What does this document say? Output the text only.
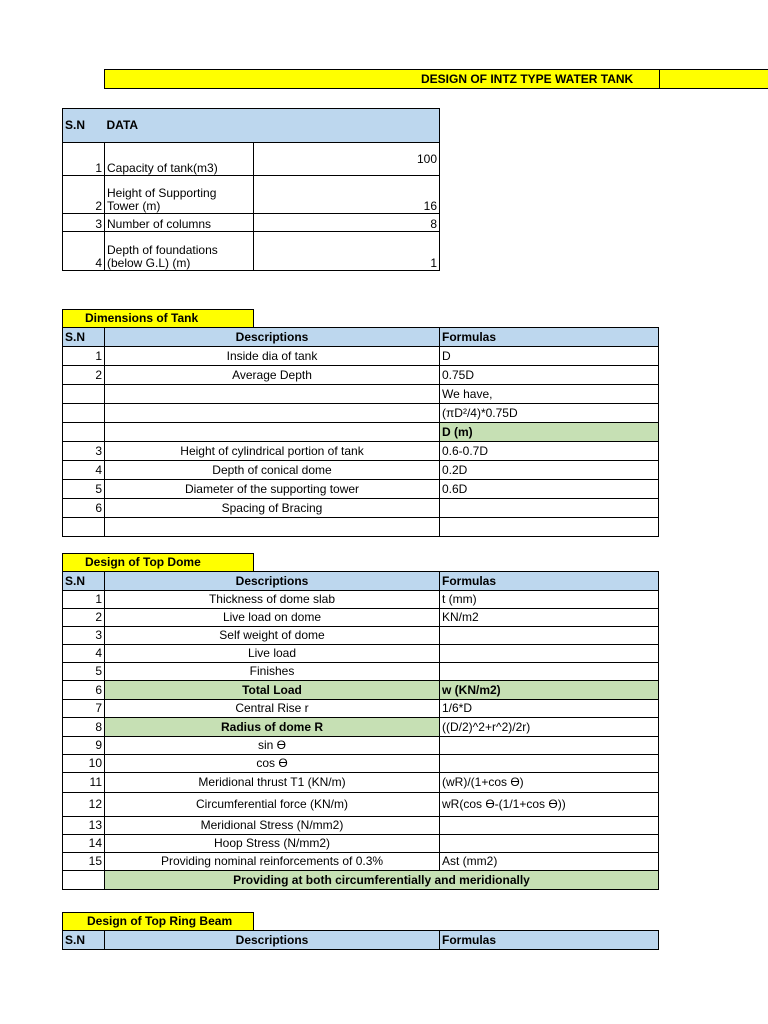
DESIGN OF INTZ TYPE WATER TANK
S.N	DATA	
1	Capacity of tank(m3)	100
2	Height of Supporting Tower (m)	16
3	Number of columns	8
4	Depth of foundations (below G.L) (m)	1
Dimensions of Tank
S.N	Descriptions	Formulas
1	Inside dia of tank	D
2	Average Depth	0.75D
		We have,
		(πD²/4)*0.75D
		D (m)
3	Height of cylindrical portion of tank	0.6-0.7D
4	Depth of conical dome	0.2D
5	Diameter of the supporting tower	0.6D
6	Spacing of Bracing	

Design of Top Dome
S.N	Descriptions	Formulas
1	Thickness of dome slab	t (mm)
2	Live load on dome	KN/m2
3	Self weight of dome	
4	Live load	
5	Finishes	
6	Total Load	w (KN/m2)
7	Central Rise r	1/6*D
8	Radius of dome R	((D/2)^2+r^2)/2r)
9	sin ϴ	
10	cos ϴ	
11	Meridional thrust T1 (KN/m)	(wR)/(1+cos ϴ)
12	Circumferential force (KN/m)	wR(cos ϴ-(1/1+cos ϴ))
13	Meridional Stress (N/mm2)	
14	Hoop Stress (N/mm2)	
15	Providing nominal reinforcements of 0.3%	Ast (mm2)
	Providing at both circumferentially and meridionally	
Design of Top Ring Beam
S.N	Descriptions	Formulas
